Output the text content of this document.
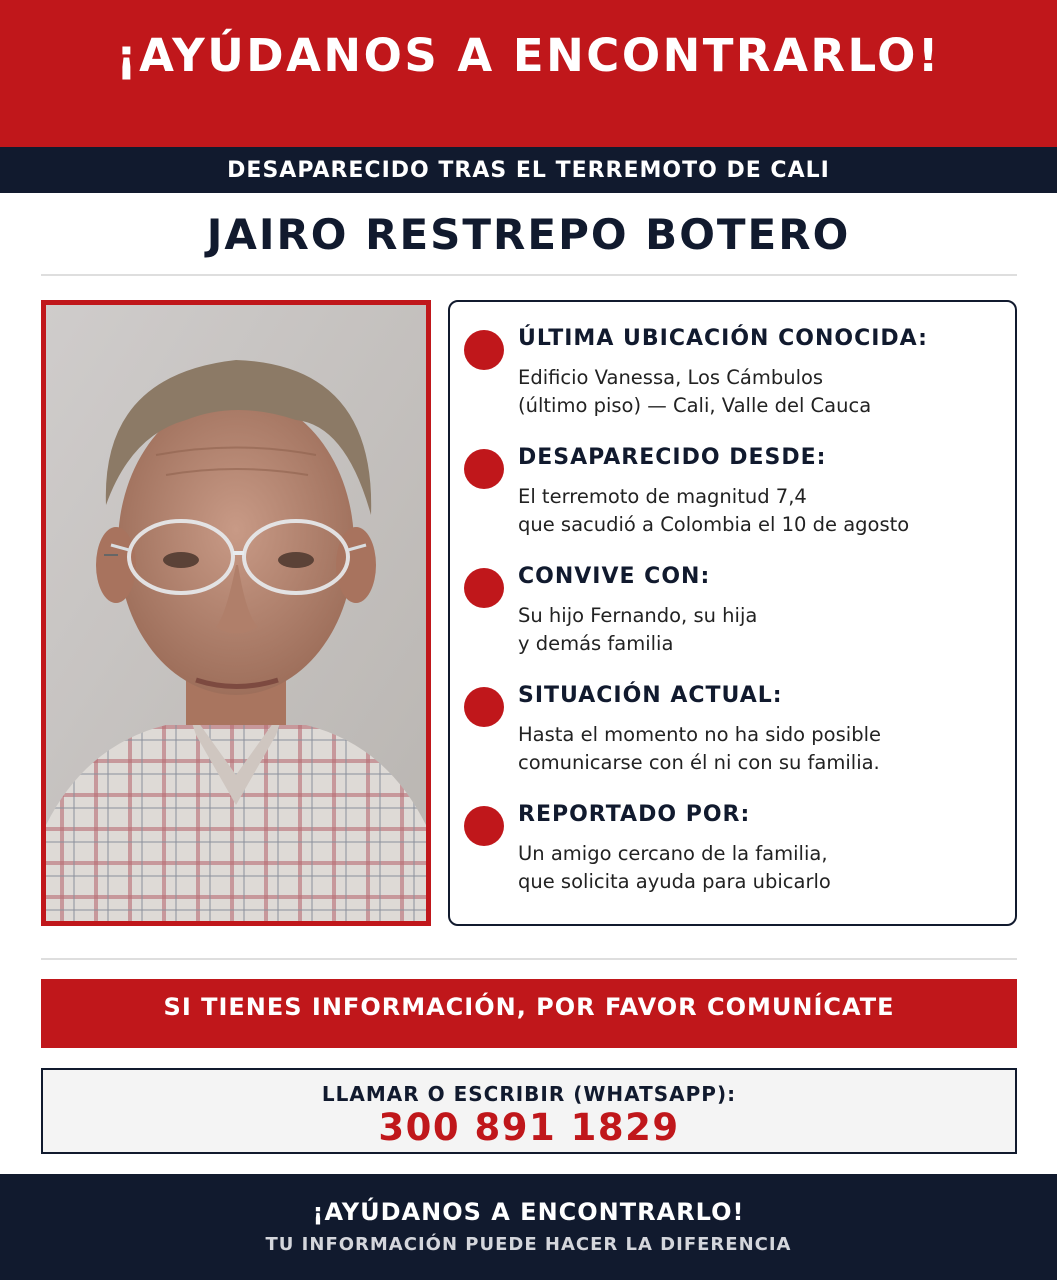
¡AYÚDANOS A ENCONTRARLO!
DESAPARECIDO TRAS EL TERREMOTO DE CALI
JAIRO RESTREPO BOTERO
ÚLTIMA UBICACIÓN CONOCIDA:
Edificio Vanessa, Los Cámbulos
(último piso) — Cali, Valle del Cauca
DESAPARECIDO DESDE:
El terremoto de magnitud 7,4
que sacudió a Colombia el 10 de agosto
CONVIVE CON:
Su hijo Fernando, su hija
y demás familia
SITUACIÓN ACTUAL:
Hasta el momento no ha sido posible
comunicarse con él ni con su familia.
REPORTADO POR:
Un amigo cercano de la familia,
que solicita ayuda para ubicarlo
SI TIENES INFORMACIÓN, POR FAVOR COMUNÍCATE
LLAMAR O ESCRIBIR (WHATSAPP):
300 891 1829
¡AYÚDANOS A ENCONTRARLO!
TU INFORMACIÓN PUEDE HACER LA DIFERENCIA
